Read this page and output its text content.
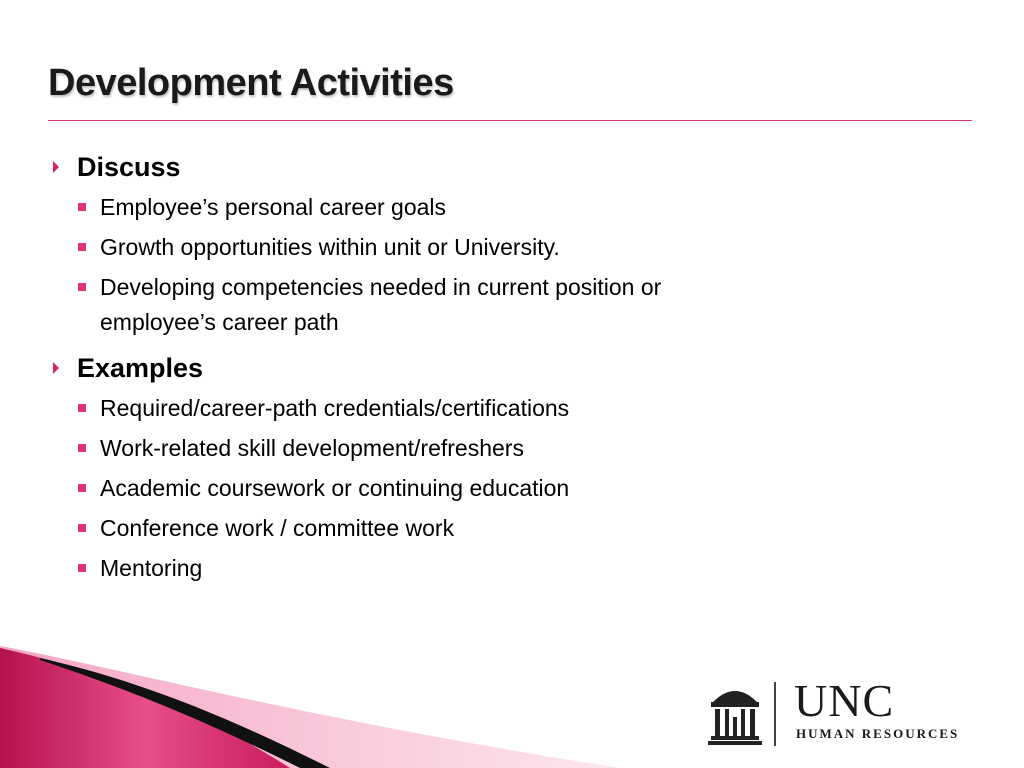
Development Activities
Discuss
Employee’s personal career goals
Growth opportunities within unit or University.
Developing competencies needed in current position or employee’s career path
Examples
Required/career-path credentials/certifications
Work-related skill development/refreshers
Academic coursework or continuing education
Conference work / committee work
Mentoring
UNC
HUMAN RESOURCES
